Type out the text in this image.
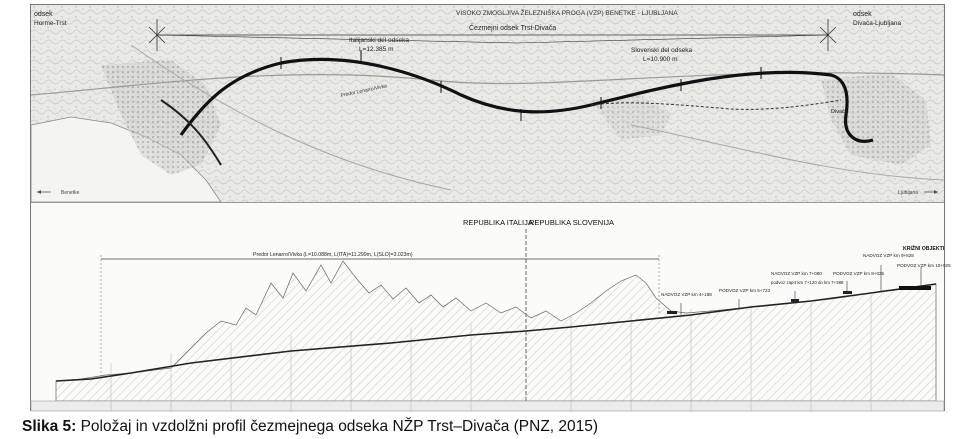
VISOKO ZMOGLJIVA ŽELEZNIŠKA PROGA (VZP) BENETKE - LJUBLJANA
odsek
Horme-Trst
odsek
Divača-Ljubljana
Čezmejni odsek Trst-Divača
Italijanski del odseka
L=12.385 m	Slovenski del odseka
L=10.900 m
Predor Lenarro/Vivka
Divača
Benetke	Ljubljana
Predor Lenarro/Vivka (L=10.088m, L(ITA)=11.299m, L(SLO)=3.023m)
REPUBLIKA ITALIJA
REPUBLIKA SLOVENIJA
NADVOZ VZP km 4+188
PODVOZ VZP km 5+723
NADVOZ VZP km 7+080
podvoz zaprt km 7+120 do km 7+388
PODVOZ VZP km 8+025
NADVOZ VZP km 9+828
KRIŽNI OBJEKTI
PODVOZ VZP km 10+025
Slika 5: Položaj in vzdolžni profil čezmejnega odseka NŽP Trst–Divača (PNZ, 2015)
